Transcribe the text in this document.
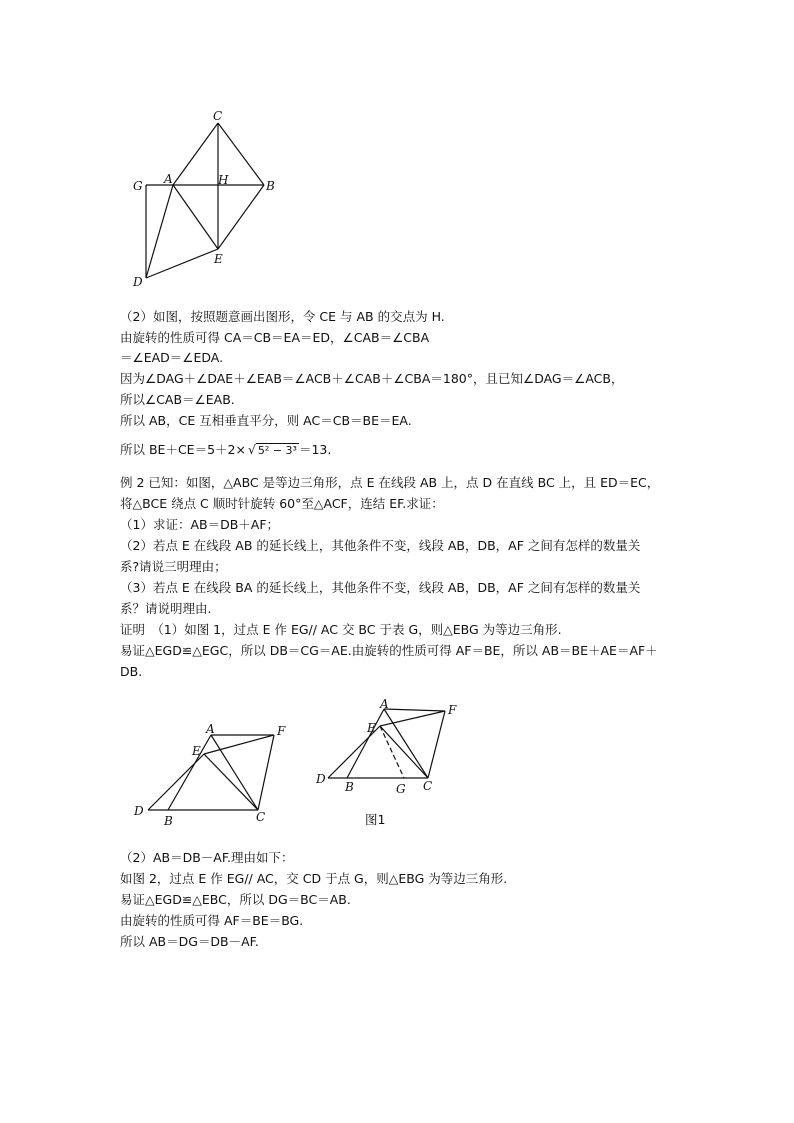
C
A	H	B
G
E
D
（2）如图，按照题意画出图形，令 CE 与 AB 的交点为 H.
由旋转的性质可得 CA＝CB＝EA＝ED，∠CAB＝∠CBA
＝∠EAD＝∠EDA.
因为∠DAG＋∠DAE＋∠EAB＝∠ACB＋∠CAB＋∠CBA＝180°，且已知∠DAG＝∠ACB，
所以∠CAB＝∠EAB.
所以 AB，CE 互相垂直平分，则 AC＝CB＝BE＝EA.
所以 BE＋CE＝5＋2× √ 5² − 3³ ＝13.
例 2 已知：如图，△ABC 是等边三角形，点 E 在线段 AB 上，点 D 在直线 BC 上，且 ED＝EC，
将△BCE 绕点 C 顺时针旋转 60°至△ACF，连结 EF.求证：
（1）求证：AB＝DB＋AF；
（2）若点 E 在线段 AB 的延长线上，其他条件不变，线段 AB，DB，AF 之间有怎样的数量关
系?请说三明理由；
（3）若点 E 在线段 BA 的延长线上，其他条件不变，线段 AB，DB，AF 之间有怎样的数量关
系？请说明理由.
证明　（1）如图 1，过点 E 作 EG// AC 交 BC 于表 G，则△EBG 为等边三角形.
易证△EGD≌△EGC，所以 DB＝CG＝AE.由旋转的性质可得 AF＝BE，所以 AB＝BE＋AE＝AF＋
DB.
A	F
E
D
B	C
A	F
E
D
B	G C
图1
（2）AB＝DB－AF.理由如下：
如图 2，过点 E 作 EG// AC，交 CD 于点 G，则△EBG 为等边三角形.
易证△EGD≌△EBC，所以 DG＝BC＝AB.
由旋转的性质可得 AF＝BE＝BG.
所以 AB＝DG＝DB－AF.
